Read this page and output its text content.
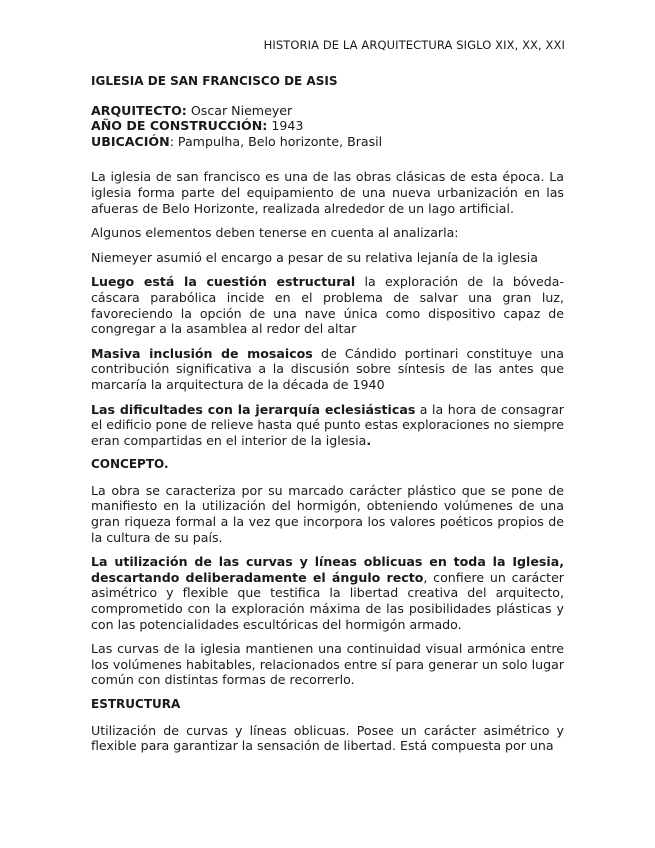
HISTORIA DE LA ARQUITECTURA SIGLO XIX, XX, XXI
IGLESIA DE SAN FRANCISCO DE ASIS
ARQUITECTO: Oscar Niemeyer
AÑO DE CONSTRUCCIÓN: 1943
UBICACIÓN: Pampulha, Belo horizonte, Brasil

La iglesia de san francisco es una de las obras clásicas de esta época. La iglesia forma parte del equipamiento de una nueva urbanización en las afueras de Belo Horizonte, realizada alrededor de un lago artificial.

Algunos elementos deben tenerse en cuenta al analizarla:

Niemeyer asumió el encargo a pesar de su relativa lejanía de la iglesia

Luego está la cuestión estructural la exploración de la bóveda-cáscara parabólica incide en el problema de salvar una gran luz, favoreciendo la opción de una nave única como dispositivo capaz de congregar a la asamblea al redor del altar

Masiva inclusión de mosaicos de Cándido portinari constituye una contribución significativa a la discusión sobre síntesis de las antes que marcaría la arquitectura de la década de 1940

Las dificultades con la jerarquía eclesiásticas a la hora de consagrar el edificio pone de relieve hasta qué punto estas exploraciones no siempre eran compartidas en el interior de la iglesia.

CONCEPTO.

La obra se caracteriza por su marcado carácter plástico que se pone de manifiesto en la utilización del hormigón, obteniendo volúmenes de una gran riqueza formal a la vez que incorpora los valores poéticos propios de la cultura de su país.

La utilización de las curvas y líneas oblicuas en toda la Iglesia, descartando deliberadamente el ángulo recto, confiere un carácter asimétrico y flexible que testifica la libertad creativa del arquitecto, comprometido con la exploración máxima de las posibilidades plásticas y con las potencialidades escultóricas del hormigón armado.

Las curvas de la iglesia mantienen una continuidad visual armónica entre los volúmenes habitables, relacionados entre sí para generar un solo lugar común con distintas formas de recorrerlo.

ESTRUCTURA

Utilización de curvas y líneas oblicuas. Posee un carácter asimétrico y flexible para garantizar la sensación de libertad. Está compuesta por una
